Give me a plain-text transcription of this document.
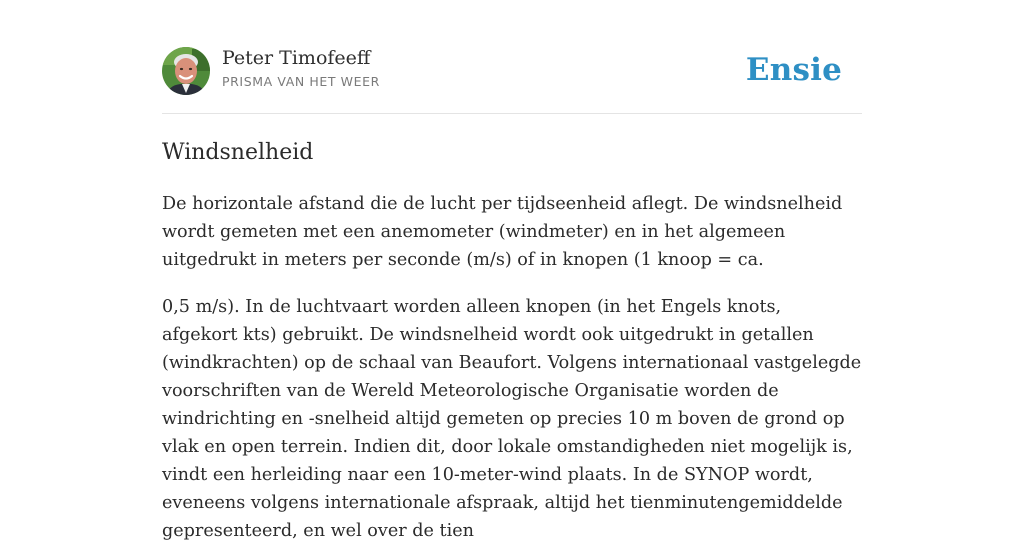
Peter Timofeeff
PRISMA VAN HET WEER	Ensie
Windsnelheid

De horizontale afstand die de lucht per tijdseenheid aflegt. De windsnelheid wordt gemeten met een anemometer (windmeter) en in het algemeen uitgedrukt in meters per seconde (m/s) of in knopen (1 knoop = ca.

0,5 m/s). In de luchtvaart worden alleen knopen (in het Engels knots, afgekort kts) gebruikt. De windsnelheid wordt ook uitgedrukt in getallen (windkrachten) op de schaal van Beaufort. Volgens internationaal vastgelegde voorschriften van de Wereld Meteorologische Organisatie worden de windrichting en -snelheid altijd gemeten op precies 10 m boven de grond op vlak en open terrein. Indien dit, door lokale omstandigheden niet mogelijk is, vindt een herleiding naar een 10-meter-wind plaats. In de SYNOP wordt, eveneens volgens internationale afspraak, altijd het tienminutengemiddelde gepresenteerd, en wel over de tien
